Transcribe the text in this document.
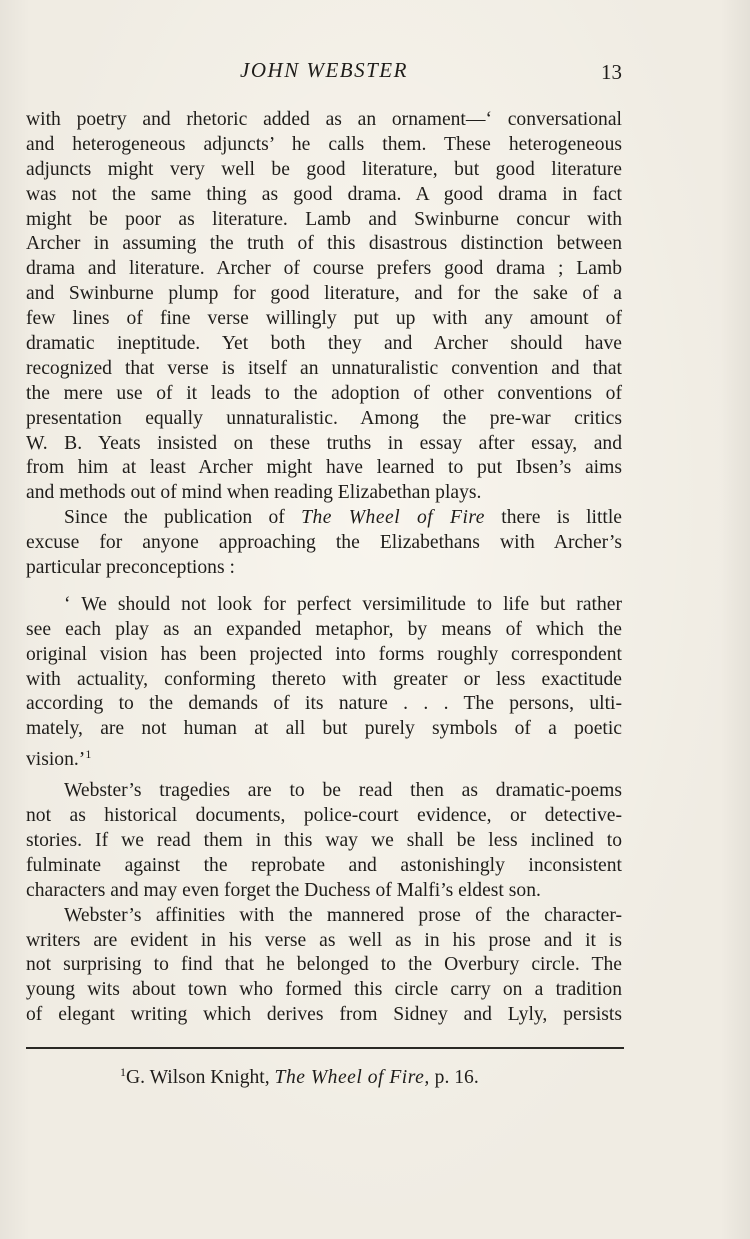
JOHN WEBSTER	13
with poetry and rhetoric added as an ornament—‘ conversational
and heterogeneous adjuncts’ he calls them. These heterogeneous
adjuncts might very well be good literature, but good literature
was not the same thing as good drama. A good drama in fact
might be poor as literature. Lamb and Swinburne concur with
Archer in assuming the truth of this disastrous distinction between
drama and literature. Archer of course prefers good drama ; Lamb
and Swinburne plump for good literature, and for the sake of a
few lines of fine verse willingly put up with any amount of
dramatic ineptitude. Yet both they and Archer should have
recognized that verse is itself an unnaturalistic convention and that
the mere use of it leads to the adoption of other conventions of
presentation equally unnaturalistic. Among the pre-war critics
W. B. Yeats insisted on these truths in essay after essay, and
from him at least Archer might have learned to put Ibsen’s aims
and methods out of mind when reading Elizabethan plays.
Since the publication of The Wheel of Fire there is little
excuse for anyone approaching the Elizabethans with Archer’s
particular preconceptions :
‘ We should not look for perfect versimilitude to life but rather
see each play as an expanded metaphor, by means of which the
original vision has been projected into forms roughly correspondent
with actuality, conforming thereto with greater or less exactitude
according to the demands of its nature . . . The persons, ulti-
mately, are not human at all but purely symbols of a poetic
vision.’$^1$
Webster’s tragedies are to be read then as dramatic-poems
not as historical documents, police-court evidence, or detective-
stories. If we read them in this way we shall be less inclined to
fulminate against the reprobate and astonishingly inconsistent
characters and may even forget the Duchess of Malfi’s eldest son.
Webster’s affinities with the mannered prose of the character-
writers are evident in his verse as well as in his prose and it is
not surprising to find that he belonged to the Overbury circle. The
young wits about town who formed this circle carry on a tradition
of elegant writing which derives from Sidney and Lyly, persists
$^1$G. Wilson Knight, The Wheel of Fire, p. 16.
